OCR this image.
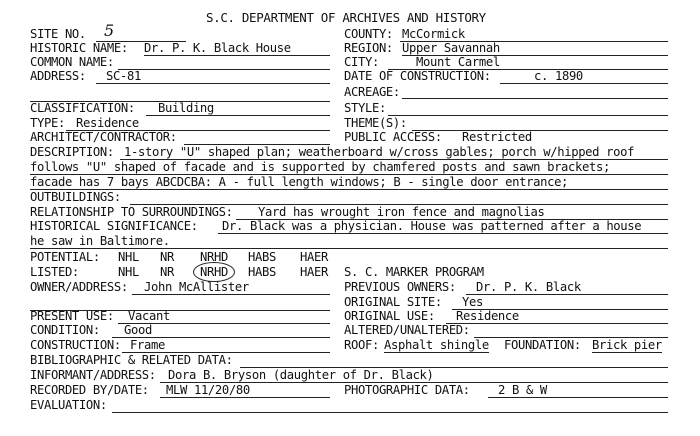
S.C. DEPARTMENT OF ARCHIVES AND HISTORY
SITE NO. 5	COUNTY: McCormick
HISTORIC NAME: Dr. P. K. Black House	REGION: Upper Savannah
COMMON NAME:	CITY:	Mount Carmel
ADDRESS: SC-81	DATE OF CONSTRUCTION:	c. 1890
ACREAGE:
CLASSIFICATION: Building	STYLE:
TYPE: Residence	THEME(S):
ARCHITECT/CONTRACTOR:	PUBLIC ACCESS: Restricted
DESCRIPTION: 1-story "U" shaped plan; weatherboard w/cross gables; porch w/hipped roof
follows "U" shaped of facade and is supported by chamfered posts and sawn brackets;
facade has 7 bays ABCDCBA: A - full length windows; B - single door entrance;
OUTBUILDINGS:
RELATIONSHIP TO SURROUNDINGS: Yard has wrought iron fence and magnolias
HISTORICAL SIGNIFICANCE: Dr. Black was a physician. House was patterned after a house
he saw in Baltimore.
POTENTIAL: NHL NR NRHD HABS HAER
LISTED:	NHL NR NRHD HABS HAER S. C. MARKER PROGRAM
OWNER/ADDRESS: John McAllister	PREVIOUS OWNERS: Dr. P. K. Black
ORIGINAL SITE: Yes
PRESENT USE: Vacant	ORIGINAL USE: Residence
CONDITION: Good	ALTERED/UNALTERED:
CONSTRUCTION: Frame	ROOF: Asphalt shingle FOUNDATION: Brick pier
BIBLIOGRAPHIC & RELATED DATA:
INFORMANT/ADDRESS: Dora B. Bryson (daughter of Dr. Black)
RECORDED BY/DATE: MLW 11/20/80	PHOTOGRAPHIC DATA: 2 B & W
EVALUATION:
